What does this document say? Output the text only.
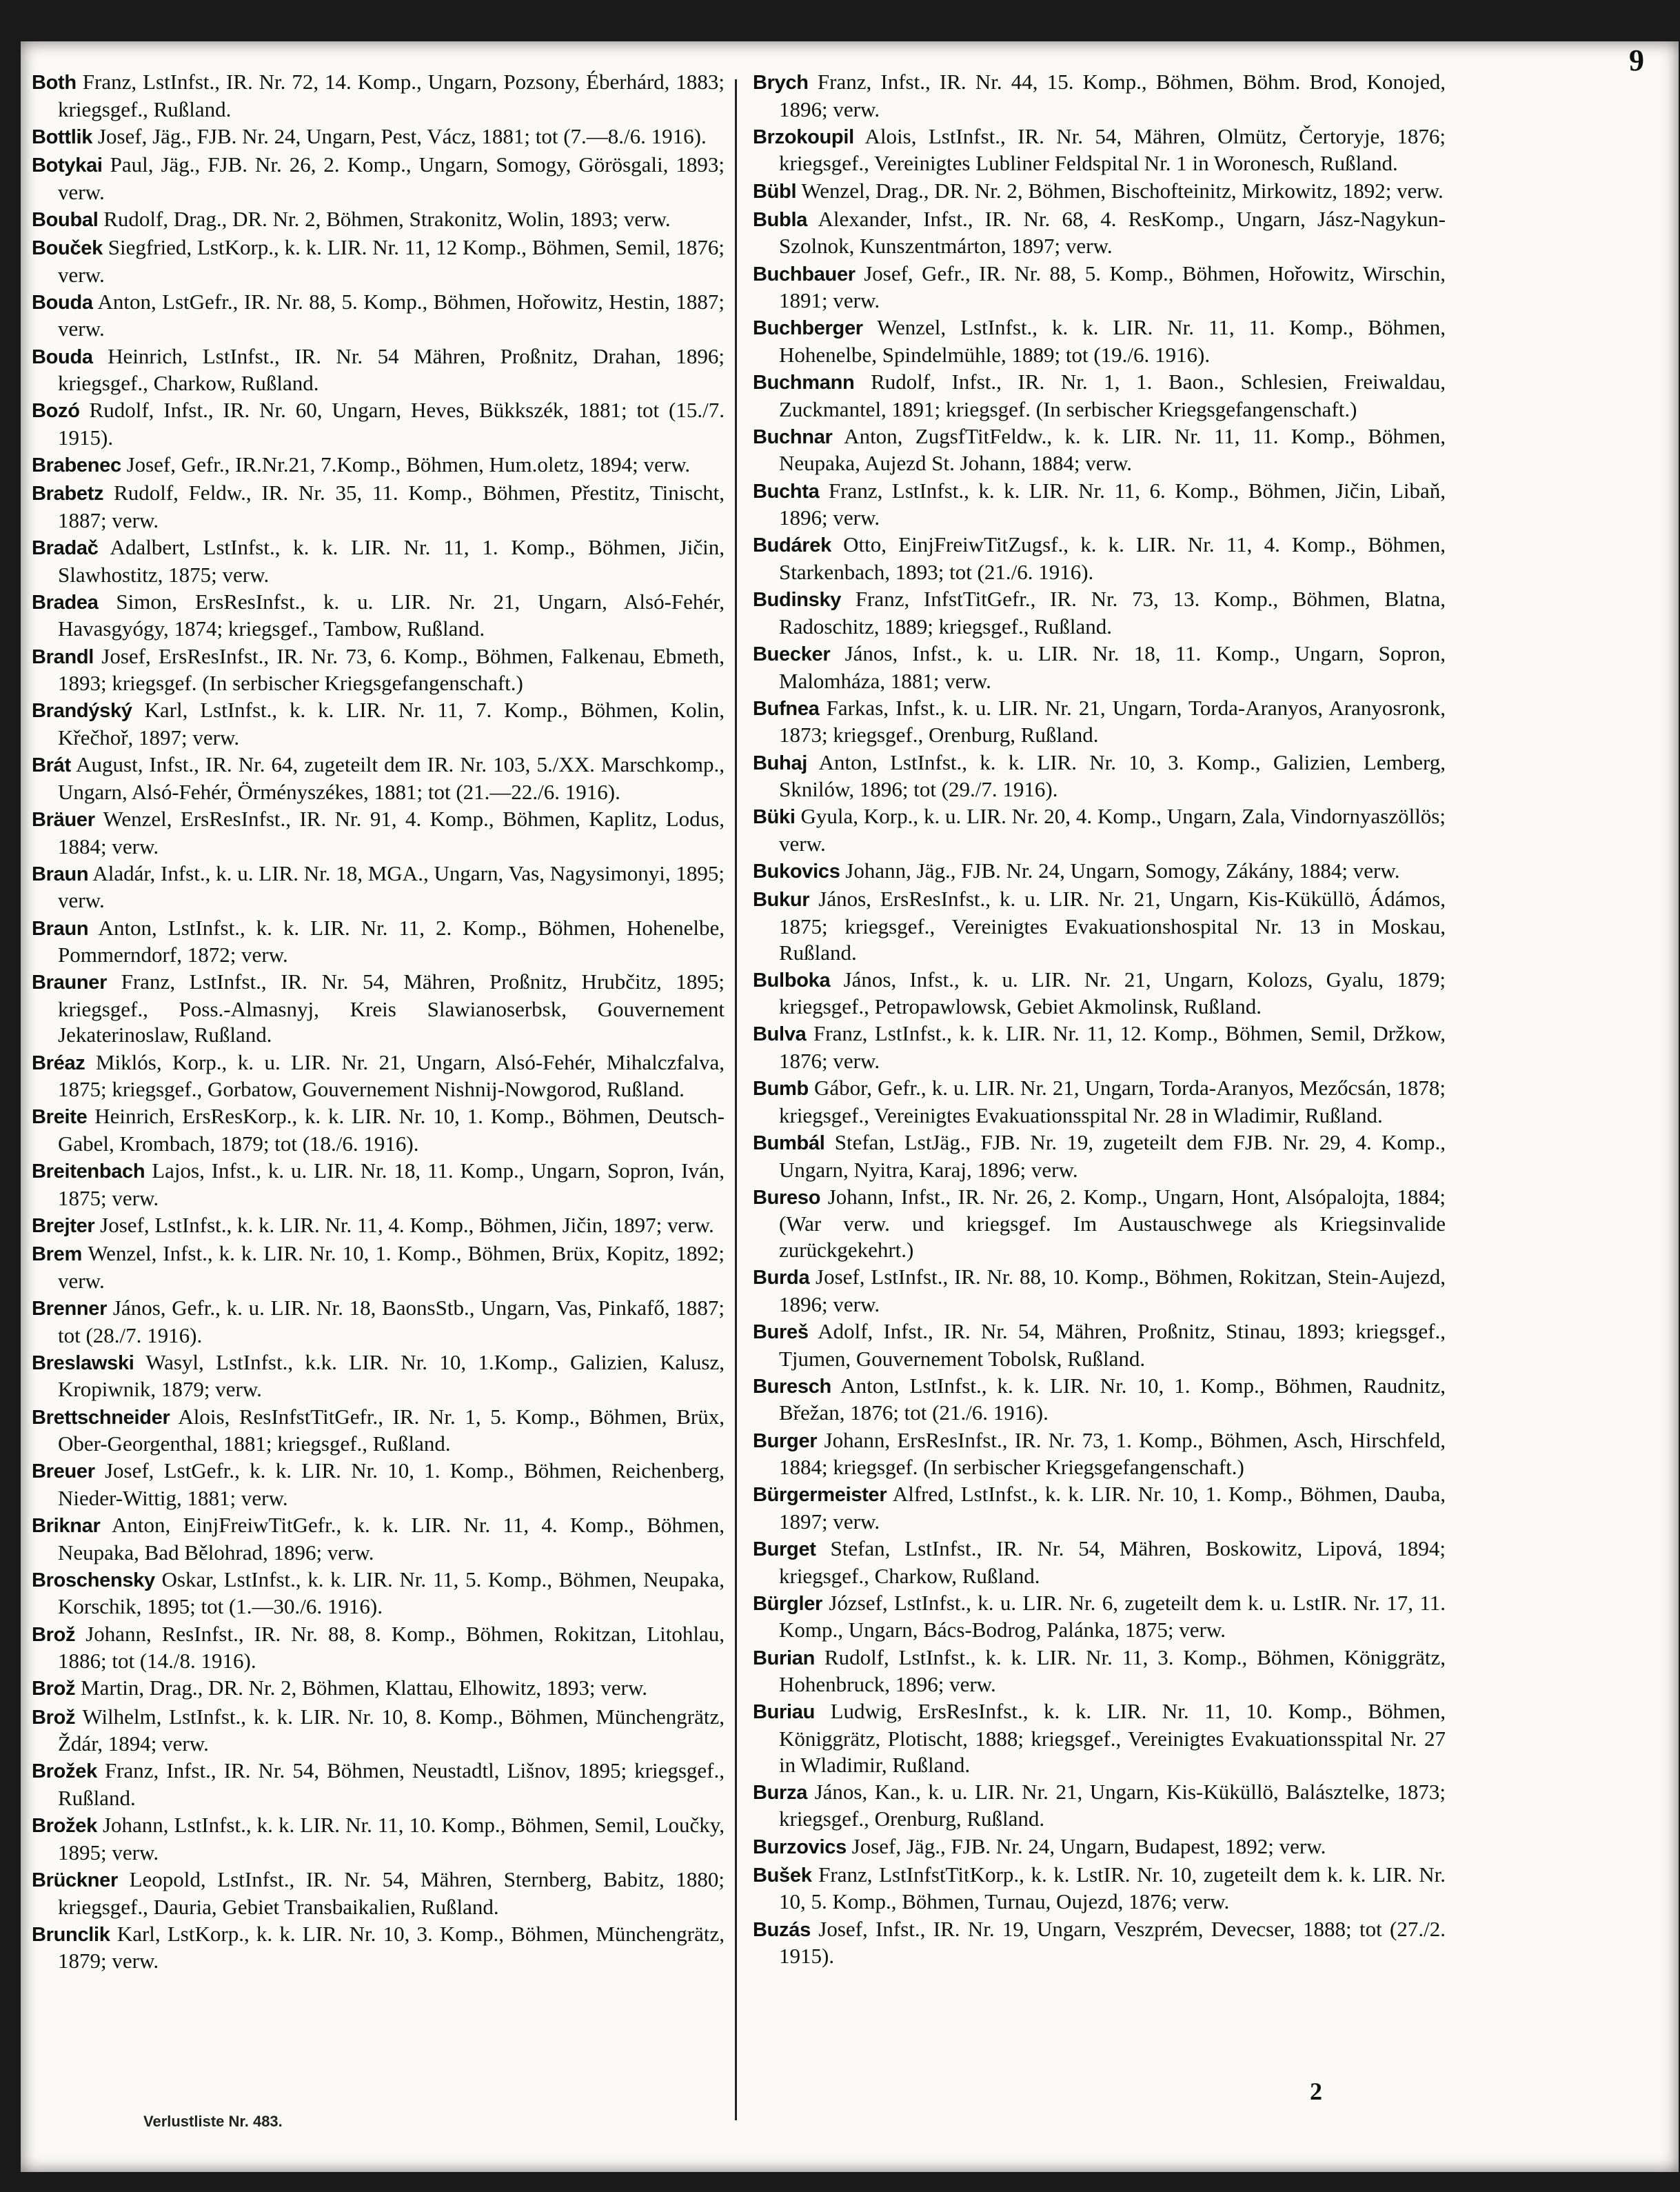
9

Both Franz, LstInfst., IR. Nr. 72, 14. Komp., Ungarn, Pozsony, Éberhárd, 1883; kriegsgef., Rußland.

Bottlik Josef, Jäg., FJB. Nr. 24, Ungarn, Pest, Vácz, 1881; tot (7.—8./6. 1916).

Botykai Paul, Jäg., FJB. Nr. 26, 2. Komp., Ungarn, Somogy, Görösgali, 1893; verw.

Boubal Rudolf, Drag., DR. Nr. 2, Böhmen, Strakonitz, Wolin, 1893; verw.

Bouček Siegfried, LstKorp., k. k. LIR. Nr. 11, 12 Komp., Böhmen, Semil, 1876; verw.

Bouda Anton, LstGefr., IR. Nr. 88, 5. Komp., Böhmen, Hořowitz, Hestin, 1887; verw.

Bouda Heinrich, LstInfst., IR. Nr. 54 Mähren, Proßnitz, Drahan, 1896; kriegsgef., Charkow, Rußland.

Bozó Rudolf, Infst., IR. Nr. 60, Ungarn, Heves, Bükkszék, 1881; tot (15./7. 1915).

Brabenec Josef, Gefr., IR.Nr.21, 7.Komp., Böhmen, Hum.oletz, 1894; verw.

Brabetz Rudolf, Feldw., IR. Nr. 35, 11. Komp., Böhmen, Přestitz, Tinischt, 1887; verw.

Bradač Adalbert, LstInfst., k. k. LIR. Nr. 11, 1. Komp., Böhmen, Jičin, Slawhostitz, 1875; verw.

Bradea Simon, ErsResInfst., k. u. LIR. Nr. 21, Ungarn, Alsó-Fehér, Havasgyógy, 1874; kriegsgef., Tambow, Rußland.

Brandl Josef, ErsResInfst., IR. Nr. 73, 6. Komp., Böhmen, Falkenau, Ebmeth, 1893; kriegsgef. (In serbischer Kriegsgefangenschaft.)

Brandýský Karl, LstInfst., k. k. LIR. Nr. 11, 7. Komp., Böhmen, Kolin, Křečhoř, 1897; verw.

Brát August, Infst., IR. Nr. 64, zugeteilt dem IR. Nr. 103, 5./XX. Marschkomp., Ungarn, Alsó-Fehér, Örményszékes, 1881; tot (21.—22./6. 1916).

Bräuer Wenzel, ErsResInfst., IR. Nr. 91, 4. Komp., Böhmen, Kaplitz, Lodus, 1884; verw.

Braun Aladár, Infst., k. u. LIR. Nr. 18, MGA., Ungarn, Vas, Nagysimonyi, 1895; verw.

Braun Anton, LstInfst., k. k. LIR. Nr. 11, 2. Komp., Böhmen, Hohenelbe, Pommerndorf, 1872; verw.

Brauner Franz, LstInfst., IR. Nr. 54, Mähren, Proßnitz, Hrubčitz, 1895; kriegsgef., Poss.-Almasnyj, Kreis Slawianoserbsk, Gouvernement Jekaterinoslaw, Rußland.

Bréaz Miklós, Korp., k. u. LIR. Nr. 21, Ungarn, Alsó-Fehér, Mihalczfalva, 1875; kriegsgef., Gorbatow, Gouvernement Nishnij-Nowgorod, Rußland.

Breite Heinrich, ErsResKorp., k. k. LIR. Nr. 10, 1. Komp., Böhmen, Deutsch-Gabel, Krombach, 1879; tot (18./6. 1916).

Breitenbach Lajos, Infst., k. u. LIR. Nr. 18, 11. Komp., Ungarn, Sopron, Iván, 1875; verw.

Brejter Josef, LstInfst., k. k. LIR. Nr. 11, 4. Komp., Böhmen, Jičin, 1897; verw.

Brem Wenzel, Infst., k. k. LIR. Nr. 10, 1. Komp., Böhmen, Brüx, Kopitz, 1892; verw.

Brenner János, Gefr., k. u. LIR. Nr. 18, BaonsStb., Ungarn, Vas, Pinkafő, 1887; tot (28./7. 1916).

Breslawski Wasyl, LstInfst., k.k. LIR. Nr. 10, 1.Komp., Galizien, Kalusz, Kropiwnik, 1879; verw.

Brettschneider Alois, ResInfstTitGefr., IR. Nr. 1, 5. Komp., Böhmen, Brüx, Ober-Georgenthal, 1881; kriegsgef., Rußland.

Breuer Josef, LstGefr., k. k. LIR. Nr. 10, 1. Komp., Böhmen, Reichenberg, Nieder-Wittig, 1881; verw.

Briknar Anton, EinjFreiwTitGefr., k. k. LIR. Nr. 11, 4. Komp., Böhmen, Neupaka, Bad Bělohrad, 1896; verw.

Broschensky Oskar, LstInfst., k. k. LIR. Nr. 11, 5. Komp., Böhmen, Neupaka, Korschik, 1895; tot (1.—30./6. 1916).

Brož Johann, ResInfst., IR. Nr. 88, 8. Komp., Böhmen, Rokitzan, Litohlau, 1886; tot (14./8. 1916).

Brož Martin, Drag., DR. Nr. 2, Böhmen, Klattau, Elhowitz, 1893; verw.

Brož Wilhelm, LstInfst., k. k. LIR. Nr. 10, 8. Komp., Böhmen, Münchengrätz, Ždár, 1894; verw.

Brožek Franz, Infst., IR. Nr. 54, Böhmen, Neustadtl, Lišnov, 1895; kriegsgef., Rußland.

Brožek Johann, LstInfst., k. k. LIR. Nr. 11, 10. Komp., Böhmen, Semil, Loučky, 1895; verw.

Brückner Leopold, LstInfst., IR. Nr. 54, Mähren, Sternberg, Babitz, 1880; kriegsgef., Dauria, Gebiet Transbaikalien, Rußland.

Brunclik Karl, LstKorp., k. k. LIR. Nr. 10, 3. Komp., Böhmen, Münchengrätz, 1879; verw.

Brych Franz, Infst., IR. Nr. 44, 15. Komp., Böhmen, Böhm. Brod, Konojed, 1896; verw.

Brzokoupil Alois, LstInfst., IR. Nr. 54, Mähren, Olmütz, Čertoryje, 1876; kriegsgef., Vereinigtes Lubliner Feldspital Nr. 1 in Woronesch, Rußland.

Bübl Wenzel, Drag., DR. Nr. 2, Böhmen, Bischofteinitz, Mirkowitz, 1892; verw.

Bubla Alexander, Infst., IR. Nr. 68, 4. ResKomp., Ungarn, Jász-Nagykun-Szolnok, Kunszentmárton, 1897; verw.

Buchbauer Josef, Gefr., IR. Nr. 88, 5. Komp., Böhmen, Hořowitz, Wirschin, 1891; verw.

Buchberger Wenzel, LstInfst., k. k. LIR. Nr. 11, 11. Komp., Böhmen, Hohenelbe, Spindelmühle, 1889; tot (19./6. 1916).

Buchmann Rudolf, Infst., IR. Nr. 1, 1. Baon., Schlesien, Freiwaldau, Zuckmantel, 1891; kriegsgef. (In serbischer Kriegsgefangenschaft.)

Buchnar Anton, ZugsfTitFeldw., k. k. LIR. Nr. 11, 11. Komp., Böhmen, Neupaka, Aujezd St. Johann, 1884; verw.

Buchta Franz, LstInfst., k. k. LIR. Nr. 11, 6. Komp., Böhmen, Jičin, Libaň, 1896; verw.

Budárek Otto, EinjFreiwTitZugsf., k. k. LIR. Nr. 11, 4. Komp., Böhmen, Starkenbach, 1893; tot (21./6. 1916).

Budinsky Franz, InfstTitGefr., IR. Nr. 73, 13. Komp., Böhmen, Blatna, Radoschitz, 1889; kriegsgef., Rußland.

Buecker János, Infst., k. u. LIR. Nr. 18, 11. Komp., Ungarn, Sopron, Malomháza, 1881; verw.

Bufnea Farkas, Infst., k. u. LIR. Nr. 21, Ungarn, Torda-Aranyos, Aranyosronk, 1873; kriegsgef., Orenburg, Rußland.

Buhaj Anton, LstInfst., k. k. LIR. Nr. 10, 3. Komp., Galizien, Lemberg, Sknilów, 1896; tot (29./7. 1916).

Büki Gyula, Korp., k. u. LIR. Nr. 20, 4. Komp., Ungarn, Zala, Vindornyaszöllös; verw.

Bukovics Johann, Jäg., FJB. Nr. 24, Ungarn, Somogy, Zákány, 1884; verw.

Bukur János, ErsResInfst., k. u. LIR. Nr. 21, Ungarn, Kis-Küküllö, Ádámos, 1875; kriegsgef., Vereinigtes Evakuationshospital Nr. 13 in Moskau, Rußland.

Bulboka János, Infst., k. u. LIR. Nr. 21, Ungarn, Kolozs, Gyalu, 1879; kriegsgef., Petropawlowsk, Gebiet Akmolinsk, Rußland.

Bulva Franz, LstInfst., k. k. LIR. Nr. 11, 12. Komp., Böhmen, Semil, Držkow, 1876; verw.

Bumb Gábor, Gefr., k. u. LIR. Nr. 21, Ungarn, Torda-Aranyos, Mezőcsán, 1878; kriegsgef., Vereinigtes Evakuationsspital Nr. 28 in Wladimir, Rußland.

Bumbál Stefan, LstJäg., FJB. Nr. 19, zugeteilt dem FJB. Nr. 29, 4. Komp., Ungarn, Nyitra, Karaj, 1896; verw.

Bureso Johann, Infst., IR. Nr. 26, 2. Komp., Ungarn, Hont, Alsópalojta, 1884; (War verw. und kriegsgef. Im Austauschwege als Kriegsinvalide zurückgekehrt.)

Burda Josef, LstInfst., IR. Nr. 88, 10. Komp., Böhmen, Rokitzan, Stein-Aujezd, 1896; verw.

Bureš Adolf, Infst., IR. Nr. 54, Mähren, Proßnitz, Stinau, 1893; kriegsgef., Tjumen, Gouvernement Tobolsk, Rußland.

Buresch Anton, LstInfst., k. k. LIR. Nr. 10, 1. Komp., Böhmen, Raudnitz, Břežan, 1876; tot (21./6. 1916).

Burger Johann, ErsResInfst., IR. Nr. 73, 1. Komp., Böhmen, Asch, Hirschfeld, 1884; kriegsgef. (In serbischer Kriegsgefangenschaft.)

Bürgermeister Alfred, LstInfst., k. k. LIR. Nr. 10, 1. Komp., Böhmen, Dauba, 1897; verw.

Burget Stefan, LstInfst., IR. Nr. 54, Mähren, Boskowitz, Lipová, 1894; kriegsgef., Charkow, Rußland.

Bürgler József, LstInfst., k. u. LIR. Nr. 6, zugeteilt dem k. u. LstIR. Nr. 17, 11. Komp., Ungarn, Bács-Bodrog, Palánka, 1875; verw.

Burian Rudolf, LstInfst., k. k. LIR. Nr. 11, 3. Komp., Böhmen, Königgrätz, Hohenbruck, 1896; verw.

Buriau Ludwig, ErsResInfst., k. k. LIR. Nr. 11, 10. Komp., Böhmen, Königgrätz, Plotischt, 1888; kriegsgef., Vereinigtes Evakuationsspital Nr. 27 in Wladimir, Rußland.

Burza János, Kan., k. u. LIR. Nr. 21, Ungarn, Kis-Küküllö, Balásztelke, 1873; kriegsgef., Orenburg, Rußland.

Burzovics Josef, Jäg., FJB. Nr. 24, Ungarn, Budapest, 1892; verw.

Bušek Franz, LstInfstTitKorp., k. k. LstIR. Nr. 10, zugeteilt dem k. k. LIR. Nr. 10, 5. Komp., Böhmen, Turnau, Oujezd, 1876; verw.

Buzás Josef, Infst., IR. Nr. 19, Ungarn, Veszprém, Devecser, 1888; tot (27./2. 1915).

Verlustliste Nr. 483.
2
